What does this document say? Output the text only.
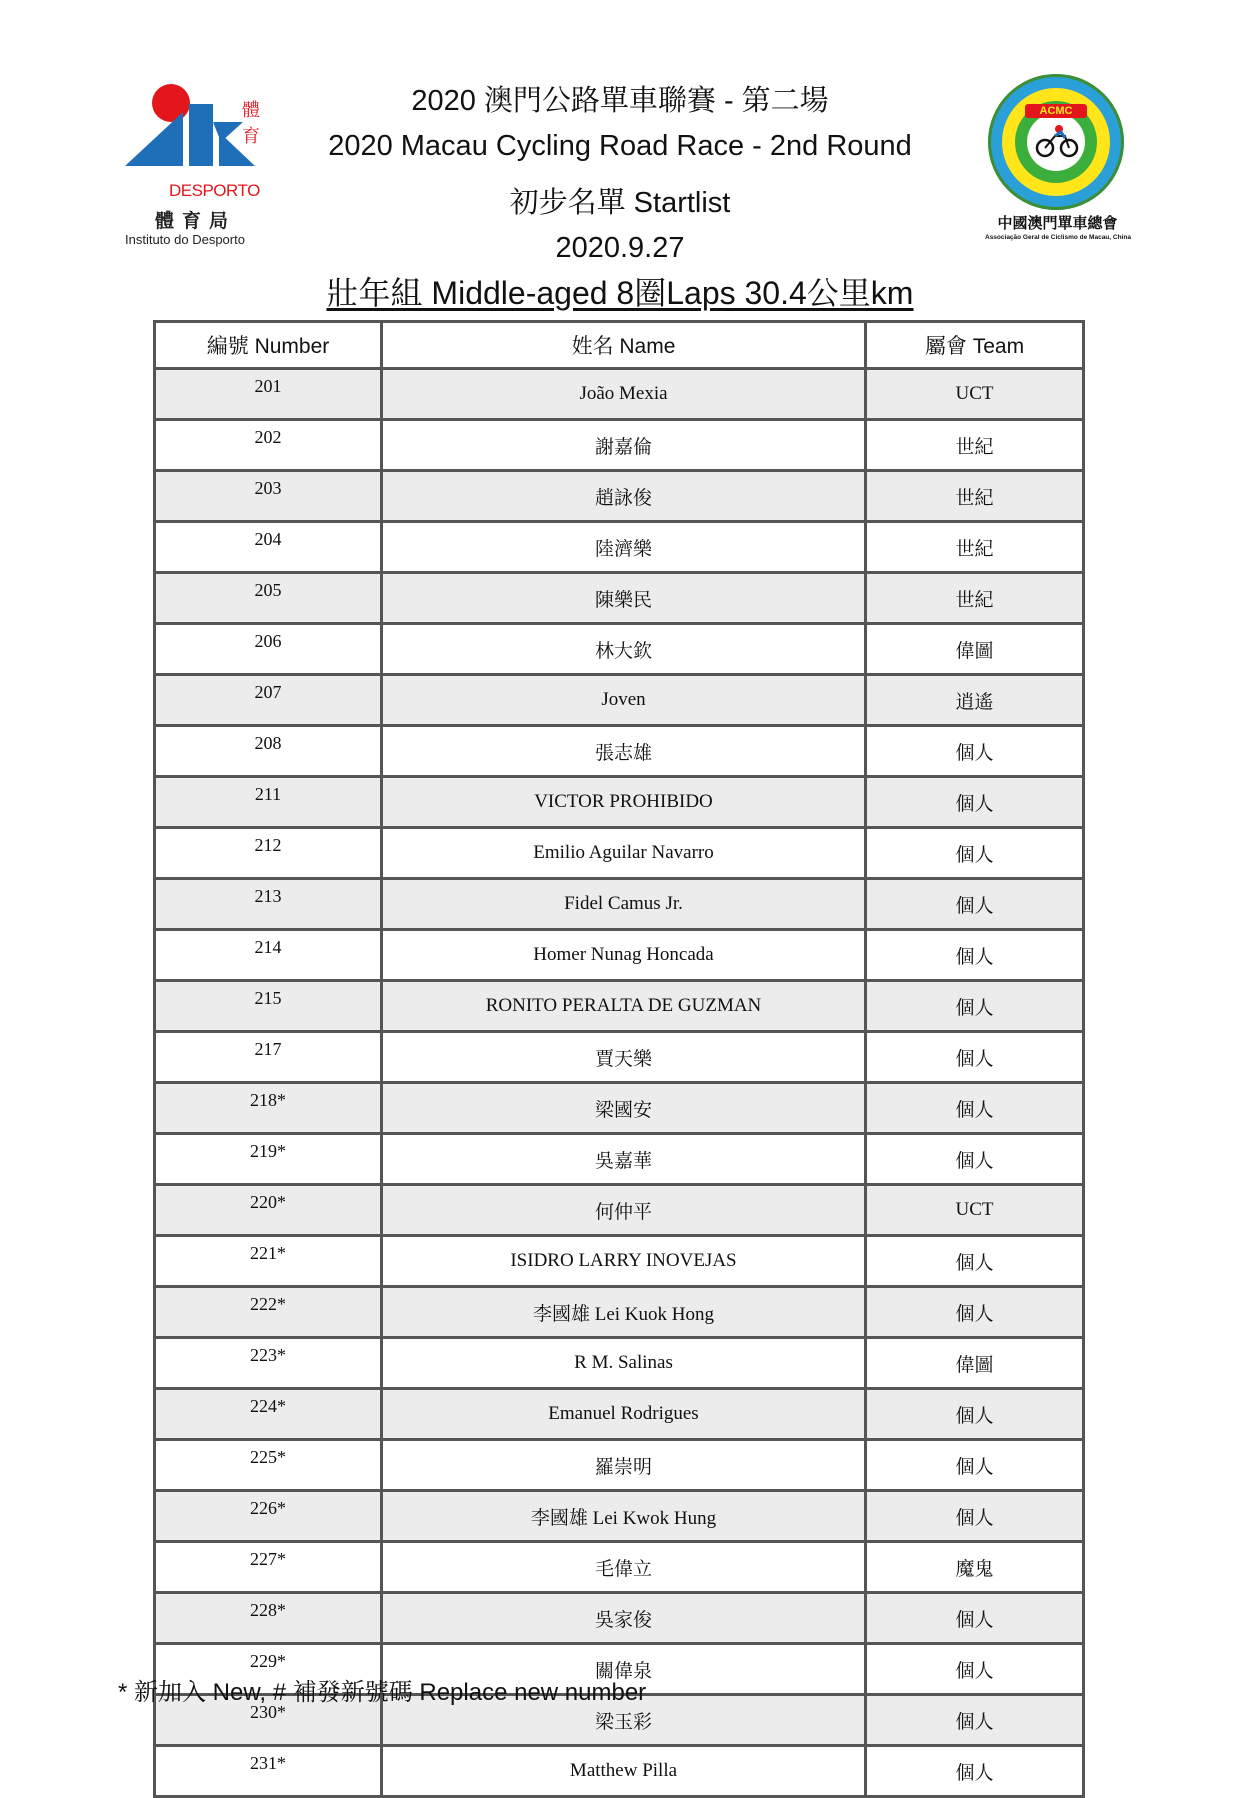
體
育
DESPORTO
體育局
Instituto do Desporto
ACMC
中國澳門單車總會
Associação Geral de Ciclismo de Macau, China
2020 澳門公路單車聯賽 - 第二場
2020 Macau Cycling Road Race - 2nd Round
初步名單 Startlist
2020.9.27
壯年組 Middle-aged 8圈Laps 30.4公里km
編號 Number	姓名 Name	屬會 Team
201	João Mexia	UCT
202	謝嘉倫	世紀
203	趙詠俊	世紀
204	陸濟樂	世紀
205	陳樂民	世紀
206	林大欽	偉圖
207	Joven	逍遙
208	張志雄	個人
211	VICTOR PROHIBIDO	個人
212	Emilio Aguilar Navarro	個人
213	Fidel Camus Jr.	個人
214	Homer Nunag Honcada	個人
215	RONITO PERALTA DE GUZMAN	個人
217	賈天樂	個人
218*	梁國安	個人
219*	吳嘉華	個人
220*	何仲平	UCT
221*	ISIDRO LARRY INOVEJAS	個人
222*	李國雄 Lei Kuok Hong	個人
223*	R M. Salinas	偉圖
224*	Emanuel Rodrigues	個人
225*	羅崇明	個人
226*	李國雄 Lei Kwok Hung	個人
227*	毛偉立	魔鬼
228*	吳家俊	個人
229*	關偉泉	個人
230*	梁玉彩	個人
231*	Matthew Pilla	個人
* 新加入 New, # 補發新號碼 Replace new number
